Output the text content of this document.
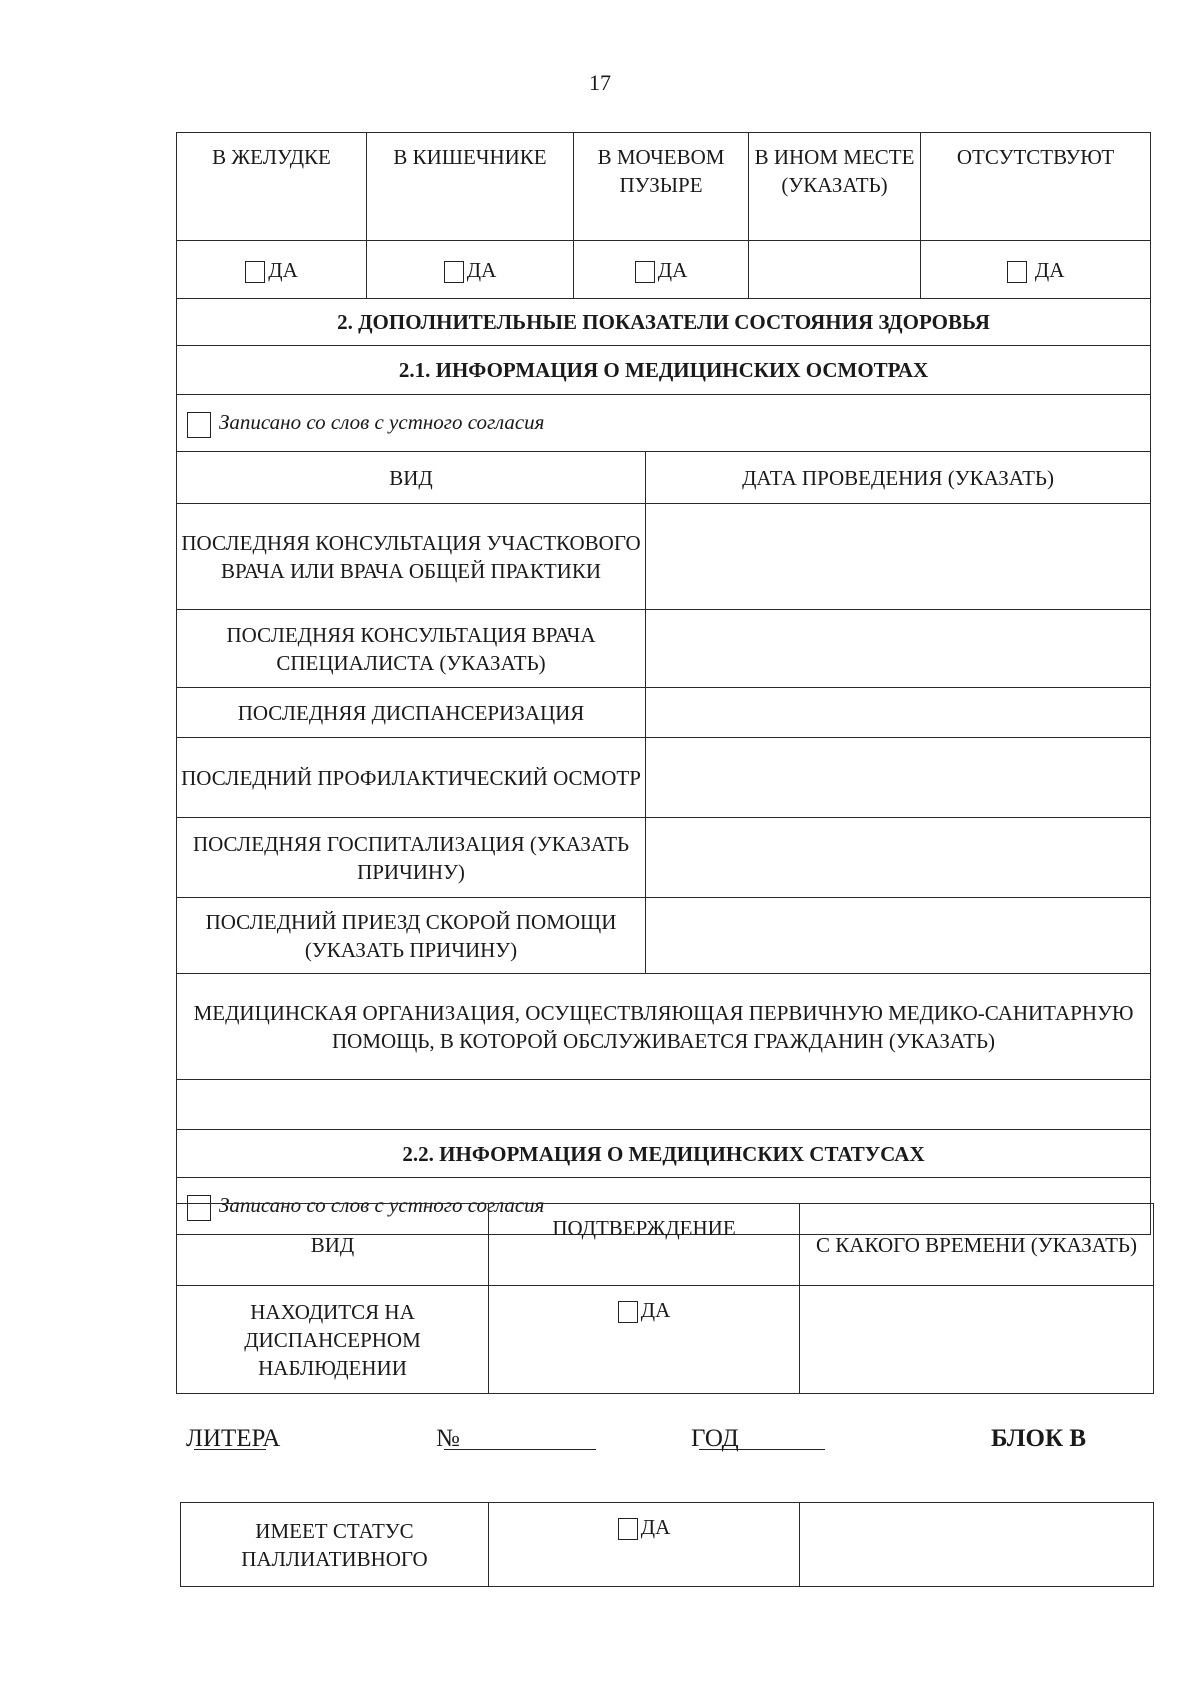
17
В ЖЕЛУДКЕ	В КИШЕЧНИКЕ	В МОЧЕВОМ ПУЗЫРЕ		В ИНОМ МЕСТЕ (УКАЗАТЬ)	ОТСУТСТВУЮТ
ДА	ДА	ДА			ДА
2. ДОПОЛНИТЕЛЬНЫЕ ПОКАЗАТЕЛИ СОСТОЯНИЯ ЗДОРОВЬЯ					
2.1. ИНФОРМАЦИЯ О МЕДИЦИНСКИХ ОСМОТРАХ					
Записано со слов с устного согласия					
ВИД			ДАТА ПРОВЕДЕНИЯ (УКАЗАТЬ)		
ПОСЛЕДНЯЯ КОНСУЛЬТАЦИЯ УЧАСТКОВОГО ВРАЧА ИЛИ ВРАЧА ОБЩЕЙ ПРАКТИКИ					
ПОСЛЕДНЯЯ КОНСУЛЬТАЦИЯ ВРАЧА СПЕЦИАЛИСТА (УКАЗАТЬ)					
ПОСЛЕДНЯЯ ДИСПАНСЕРИЗАЦИЯ					
ПОСЛЕДНИЙ ПРОФИЛАКТИЧЕСКИЙ ОСМОТР					
ПОСЛЕДНЯЯ ГОСПИТАЛИЗАЦИЯ (УКАЗАТЬ ПРИЧИНУ)					
ПОСЛЕДНИЙ ПРИЕЗД СКОРОЙ ПОМОЩИ (УКАЗАТЬ ПРИЧИНУ)					
МЕДИЦИНСКАЯ ОРГАНИЗАЦИЯ, ОСУЩЕСТВЛЯЮЩАЯ ПЕРВИЧНУЮ МЕДИКО-САНИТАРНУЮ ПОМОЩЬ, В КОТОРОЙ ОБСЛУЖИВАЕТСЯ ГРАЖДАНИН (УКАЗАТЬ)					

2.2. ИНФОРМАЦИЯ О МЕДИЦИНСКИХ СТАТУСАХ					
Записано со слов с устного согласия					
ВИД	ПОДТВЕРЖДЕНИЕ	С КАКОГО ВРЕМЕНИ (УКАЗАТЬ)
НАХОДИТСЯ НА ДИСПАНСЕРНОМ НАБЛЮДЕНИИ	ДА	
ЛИТЕРА	№	ГОД	БЛОК В
ИМЕЕТ СТАТУС ПАЛЛИАТИВНОГО	ДА	
